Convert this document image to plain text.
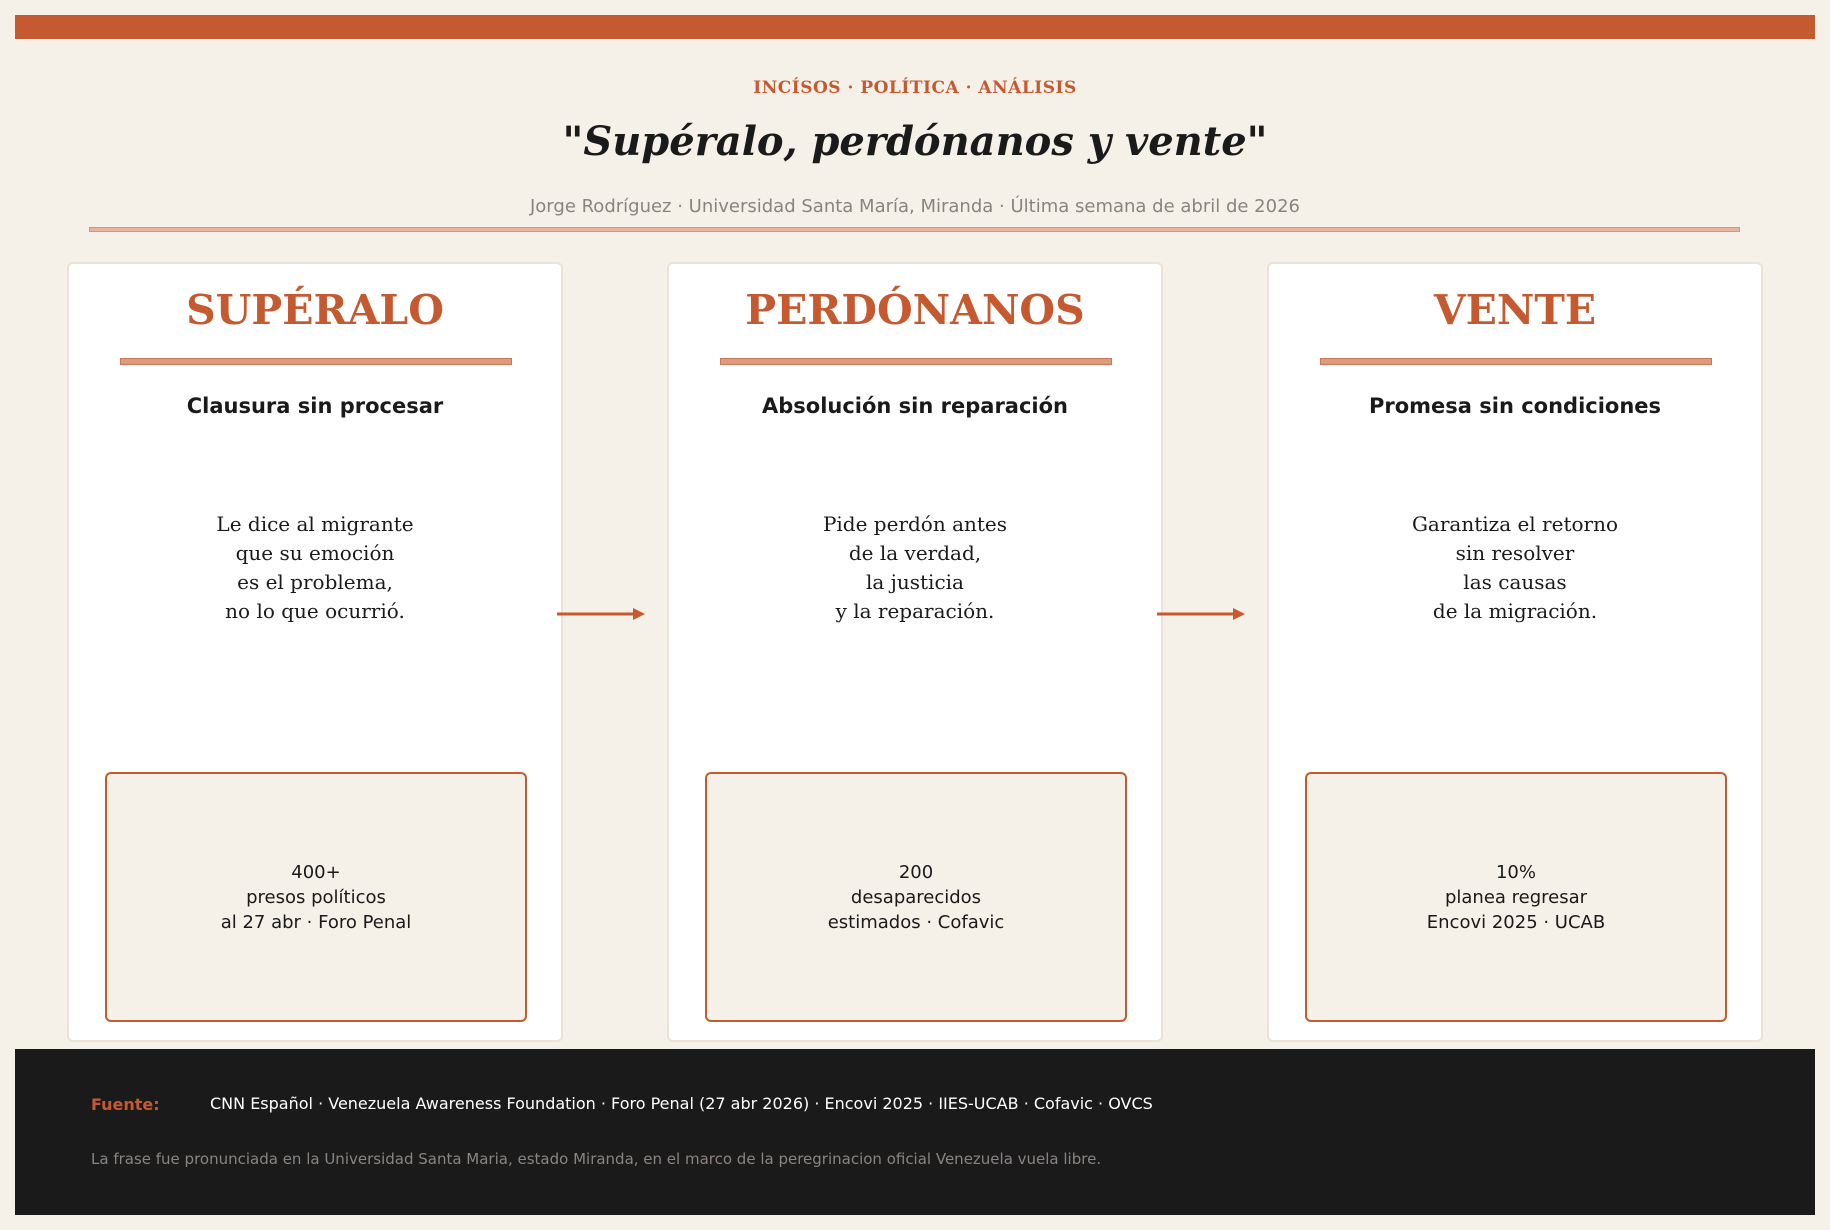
INCÍSOS · POLÍTICA · ANÁLISIS
"Supéralo, perdónanos y vente"
Jorge Rodríguez · Universidad Santa María, Miranda · Última semana de abril de 2026
SUPÉRALO
Clausura sin procesar
Le dice al migrante
que su emoción
es el problema,
no lo que ocurrió.
400+
presos políticos
al 27 abr · Foro Penal
PERDÓNANOS
Absolución sin reparación
Pide perdón antes
de la verdad,
la justicia
y la reparación.
200
desaparecidos
estimados · Cofavic
VENTE
Promesa sin condiciones
Garantiza el retorno
sin resolver
las causas
de la migración.
10%
planea regresar
Encovi 2025 · UCAB
Fuente:	CNN Español · Venezuela Awareness Foundation · Foro Penal (27 abr 2026) · Encovi 2025 · IIES-UCAB · Cofavic · OVCS
La frase fue pronunciada en la Universidad Santa Maria, estado Miranda, en el marco de la peregrinacion oficial Venezuela vuela libre.
